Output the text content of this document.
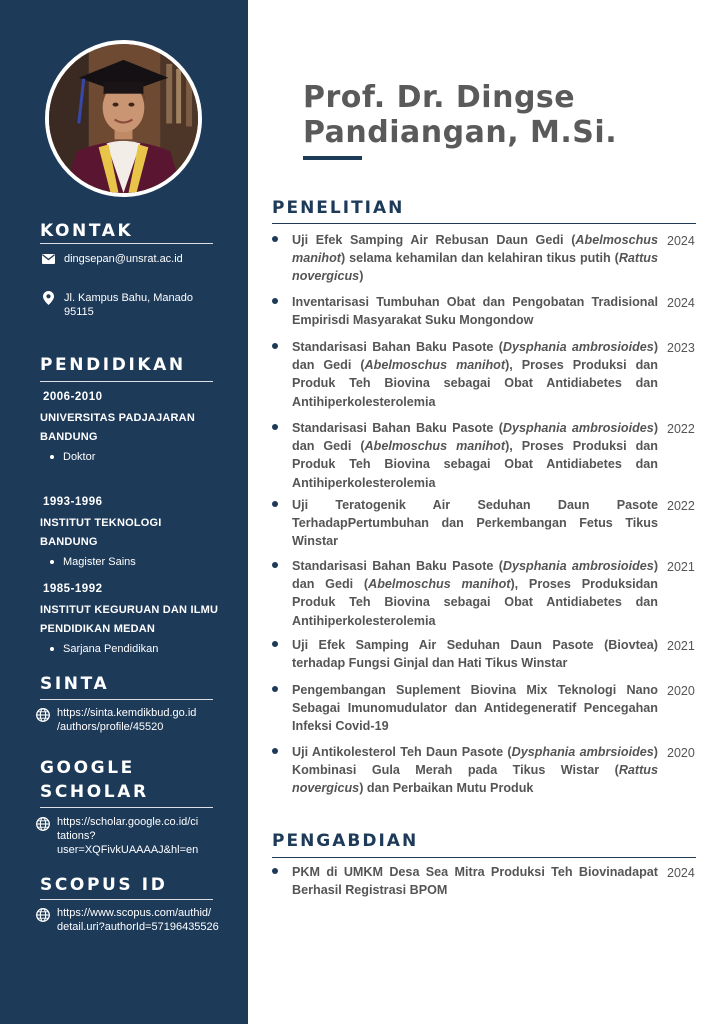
KONTAK
dingsepan@unsrat.ac.id
Jl. Kampus Bahu, Manado
95115
PENDIDIKAN
2006-2010
UNIVERSITAS PADJAJARAN BANDUNG
Doktor
1993-1996
INSTITUT TEKNOLOGI BANDUNG
Magister Sains
1985-1992
INSTITUT KEGURUAN DAN ILMU PENDIDIKAN MEDAN
Sarjana Pendidikan
SINTA
https://sinta.kemdikbud.go.id
/authors/profile/45520
GOOGLE SCHOLAR
https://scholar.google.co.id/ci
tations?
user=XQFivkUAAAAJ&hl=en
SCOPUS ID
https://www.scopus.com/authid/
detail.uri?authorId=57196435526
Prof. Dr. Dingse Pandiangan, M.Si.
PENELITIAN
Uji Efek Samping Air Rebusan Daun Gedi (Abelmoschus manihot) selama kehamilan dan kelahiran tikus putih (Rattus novergicus)
2024
Inventarisasi Tumbuhan Obat dan Pengobatan Tradisional Empirisdi Masyarakat Suku Mongondow
2024
Standarisasi Bahan Baku Pasote (Dysphania ambrosioides) dan Gedi (Abelmoschus manihot), Proses Produksi dan Produk Teh Biovina sebagai Obat Antidiabetes dan Antihiperkolesterolemia
2023
Standarisasi Bahan Baku Pasote (Dysphania ambrosioides) dan Gedi (Abelmoschus manihot), Proses Produksi dan Produk Teh Biovina sebagai Obat Antidiabetes dan Antihiperkolesterolemia
2022
Uji Teratogenik Air Seduhan Daun Pasote TerhadapPertumbuhan dan Perkembangan Fetus Tikus Winstar
2022
Standarisasi Bahan Baku Pasote (Dysphania ambrosioides) dan Gedi (Abelmoschus manihot), Proses Produksidan Produk Teh Biovina sebagai Obat Antidiabetes dan Antihiperkolesterolemia
2021
Uji Efek Samping Air Seduhan Daun Pasote (Biovtea) terhadap Fungsi Ginjal dan Hati Tikus Winstar
2021
Pengembangan Suplement Biovina Mix Teknologi Nano Sebagai Imunomudulator dan Antidegeneratif Pencegahan Infeksi Covid-19
2020
Uji Antikolesterol Teh Daun Pasote (Dysphania ambrsioides) Kombinasi Gula Merah pada Tikus Wistar (Rattus novergicus) dan Perbaikan Mutu Produk
2020
PENGABDIAN
PKM di UMKM Desa Sea Mitra Produksi Teh Biovinadapat Berhasil Registrasi BPOM
2024
